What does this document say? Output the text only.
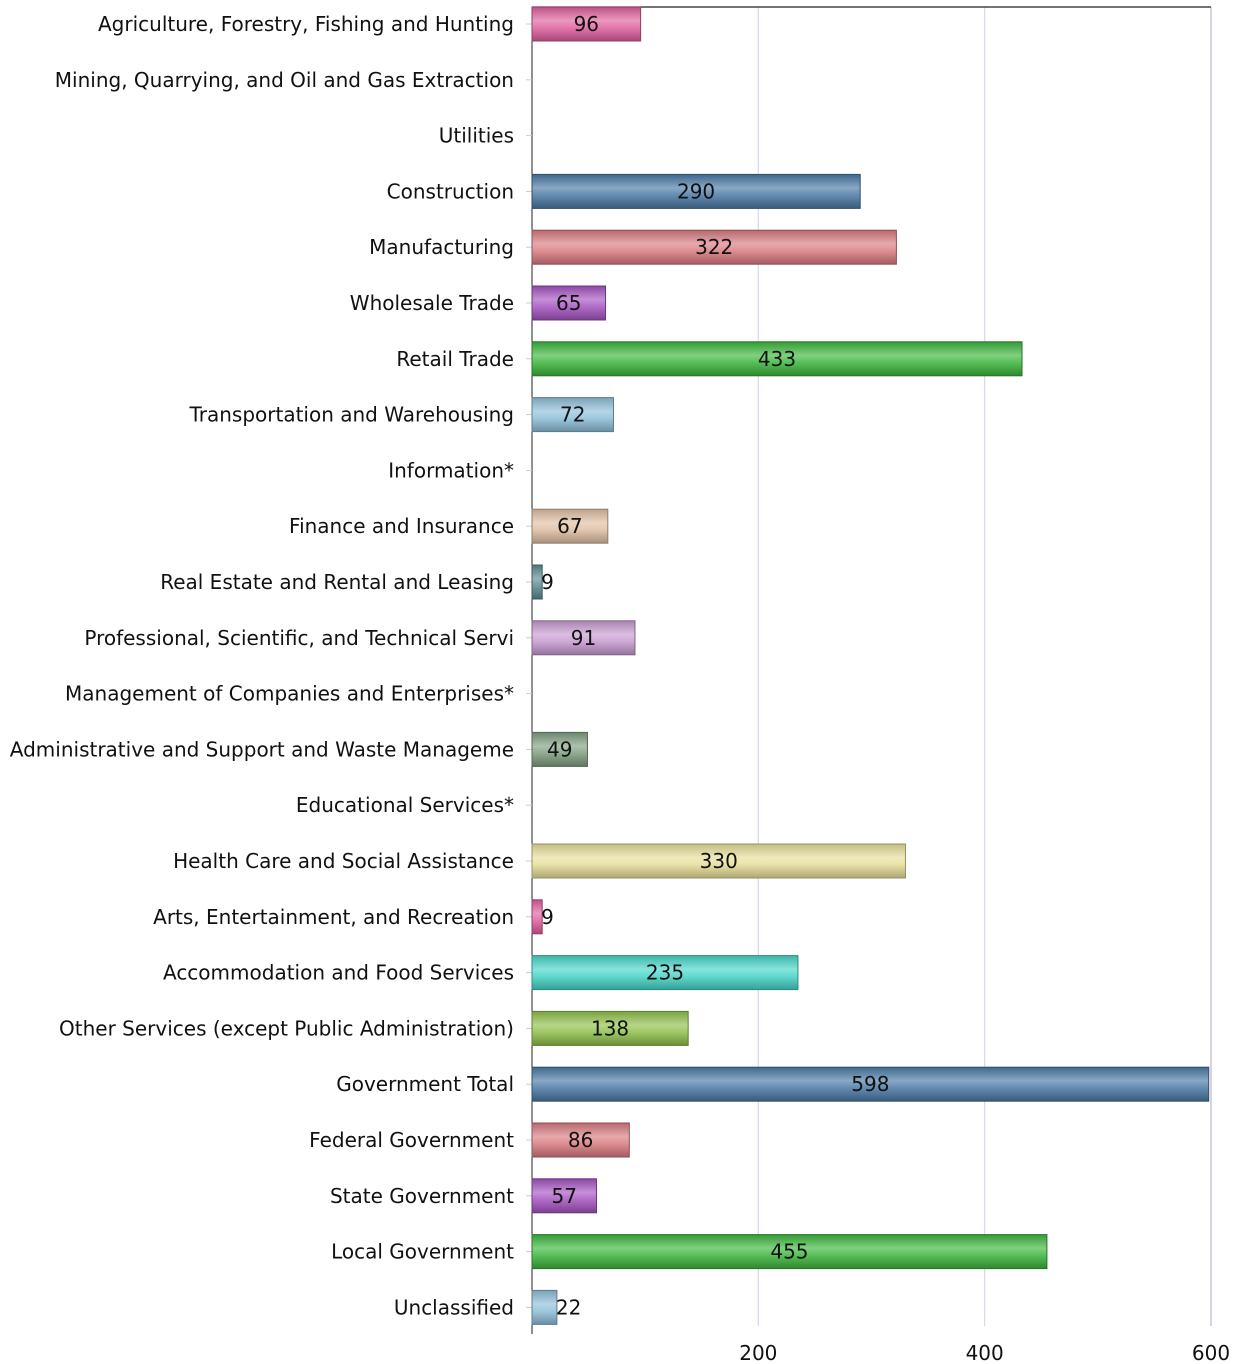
Agriculture, Forestry, Fishing and Hunting	96
Mining, Quarrying, and Oil and Gas Extraction
Utilities
Construction	290
Manufacturing	322
Wholesale Trade 65
Retail Trade	433
Transportation and Warehousing 72
Information*
Finance and Insurance 67
Real Estate and Rental and Leasing 9
Professional, Scientific, and Technical Servi	91
Management of Companies and Enterprises*
Administrative and Support and Waste Manageme 49
Educational Services*
Health Care and Social Assistance	330
Arts, Entertainment, and Recreation 9
Accommodation and Food Services	235
Other Services (except Public Administration)	138
Government Total	598
Federal Government	86
State Government 57
Local Government	455
Unclassified 22
200	400	600
